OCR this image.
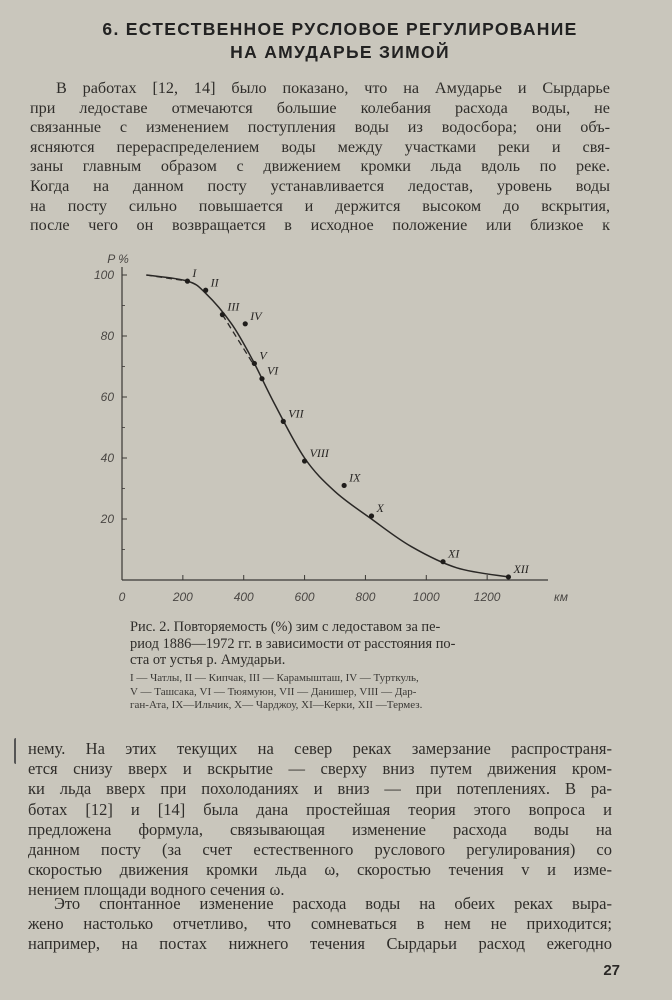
6. ЕСТЕСТВЕННОЕ РУСЛОВОЕ РЕГУЛИРОВАНИЕ
НА АМУДАРЬЕ ЗИМОЙ
В работах [12, 14] было показано, что на Амударье и Сырдарье
при ледоставе отмечаются большие колебания расхода воды, не
связанные с изменением поступления воды из водосбора; они объ-
ясняются перераспределением воды между участками реки и свя-
заны главным образом с движением кромки льда вдоль по реке.
Когда на данном посту устанавливается ледостав, уровень воды
на посту сильно повышается и держится высоком до вскрытия,
после чего он возвращается в исходное положение или близкое к
0	200	400	600	800	1000	1200	км
100
80
60
40
20
P %
I
II
III
IV
V
VI
VII
VIII
IX
X
XI
XII
Рис. 2. Повторяемость (%) зим с ледоставом за пе-
риод 1886—1972 гг. в зависимости от расстояния по-
ста от устья р. Амударьи.
I — Чатлы, II — Кипчак, III — Карамышташ, IV — Турткуль,
V — Ташсака, VI — Тюямуюн, VII — Данишер, VIII — Дар-
ган-Ата, IX—Ильчик, X— Чарджоу, XI—Керки, XII —Термез.
нему. На этих текущих на север реках замерзание распространя-
ется снизу вверх и вскрытие — сверху вниз путем движения кром-
ки льда вверх при похолоданиях и вниз — при потеплениях. В ра-
ботах [12] и [14] была дана простейшая теория этого вопроса и
предложена формула, связывающая изменение расхода воды на
данном посту (за счет естественного руслового регулирования) со
скоростью движения кромки льда ω, скоростью течения v и изме-
нением площади водного сечения ω.
Это спонтанное изменение расхода воды на обеих реках выра-
жено настолько отчетливо, что сомневаться в нем не приходится;
например, на постах нижнего течения Сырдарьи расход ежегодно
27
